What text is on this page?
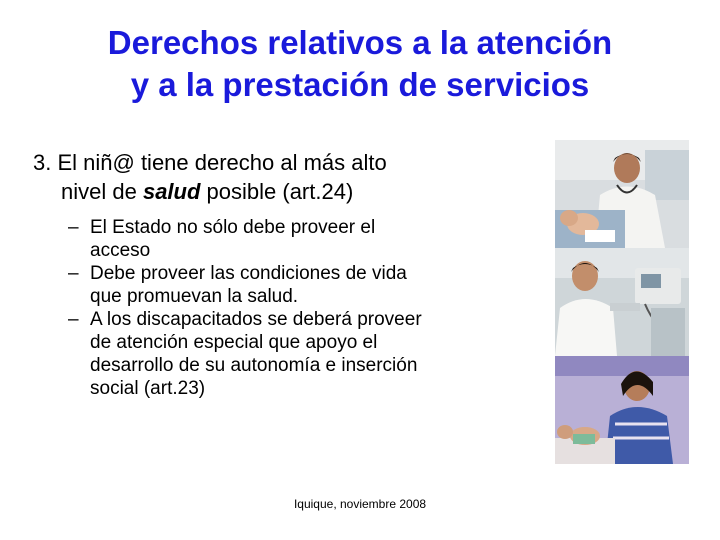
Derechos relativos a la atención
y a la prestación de servicios
3. El niñ@ tiene derecho al más alto
nivel de salud posible (art.24)
– El Estado no sólo debe proveer el
acceso
– Debe proveer las condiciones de vida
que promuevan la salud.
– A los discapacitados se deberá proveer
de atención especial que apoyo el
desarrollo de su autonomía e inserción
social (art.23)
Iquique, noviembre 2008
